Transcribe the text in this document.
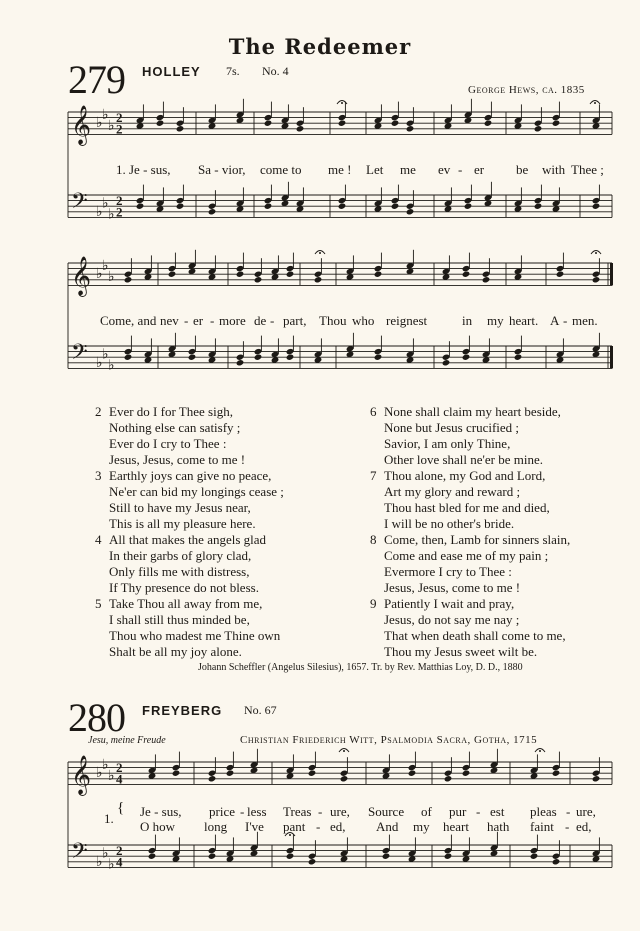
The Redeemer
279 HOLLEY 7s. No. 4
George Hews, ca. 1835
𝄞 ♭
♭
♭
2
2
𝄢 ♭
♭
♭
2
2
𝄞 ♭
♭
♭
𝄢 ♭
♭
♭
𝄞 ♭
♭
♭
2
4
𝄢 ♭
♭
♭
2
4
1. Je - sus, Sa - vior, come to me ! Let me ev - er be with Thee ;
Come, and nev - er - more de - part, Thou who reignest	in my heart. A - men.
2 Ever do I for Thee sigh,
Nothing else can satisfy ;
Ever do I cry to Thee :
Jesus, Jesus, come to me !
3 Earthly joys can give no peace,
Ne'er can bid my longings cease ;
Still to have my Jesus near,
This is all my pleasure here.
4 All that makes the angels glad
In their garbs of glory clad,
Only fills me with distress,
If Thy presence do not bless.
5 Take Thou all away from me,
I shall still thus minded be,
Thou who madest me Thine own
Shalt be all my joy alone.
6 None shall claim my heart beside,
None but Jesus crucified ;
Savior, I am only Thine,
Other love shall ne'er be mine.
7 Thou alone, my God and Lord,
Art my glory and reward ;
Thou hast bled for me and died,
I will be no other's bride.
8 Come, then, Lamb for sinners slain,
Come and ease me of my pain ;
Evermore I cry to Thee :
Jesus, Jesus, come to me !
9 Patiently I wait and pray,
Jesus, do not say me nay ;
That when death shall come to me,
Thou my Jesus sweet wilt be.
Johann Scheffler (Angelus Silesius), 1657. Tr. by Rev. Matthias Loy, D. D., 1880
280 FREYBERG No. 67
Jesu, meine Freude	Christian Friederich Witt, Psalmodia Sacra, Gotha, 1715
1.
{ Je - sus, price - less Treas - ure, Source of pur - est pleas - ure,
O how long I've pant - ed, And my heart hath faint - ed,
